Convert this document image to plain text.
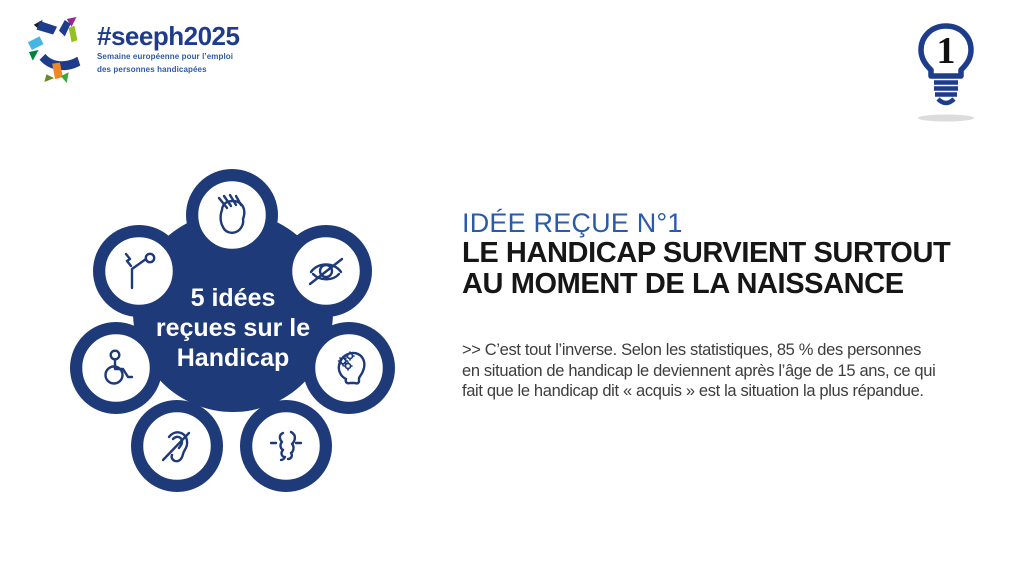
#seeph2025
Semaine européenne pour l’emploi
des personnes handicapées	1
5 idées
reçues sur le
Handicap
IDÉE REÇUE N°1
LE HANDICAP SURVIENT SURTOUT
AU MOMENT DE LA NAISSANCE
>> C’est tout l’inverse. Selon les statistiques, 85 % des personnes
en situation de handicap le deviennent après l’âge de 15 ans, ce qui
fait que le handicap dit « acquis » est la situation la plus répandue.
